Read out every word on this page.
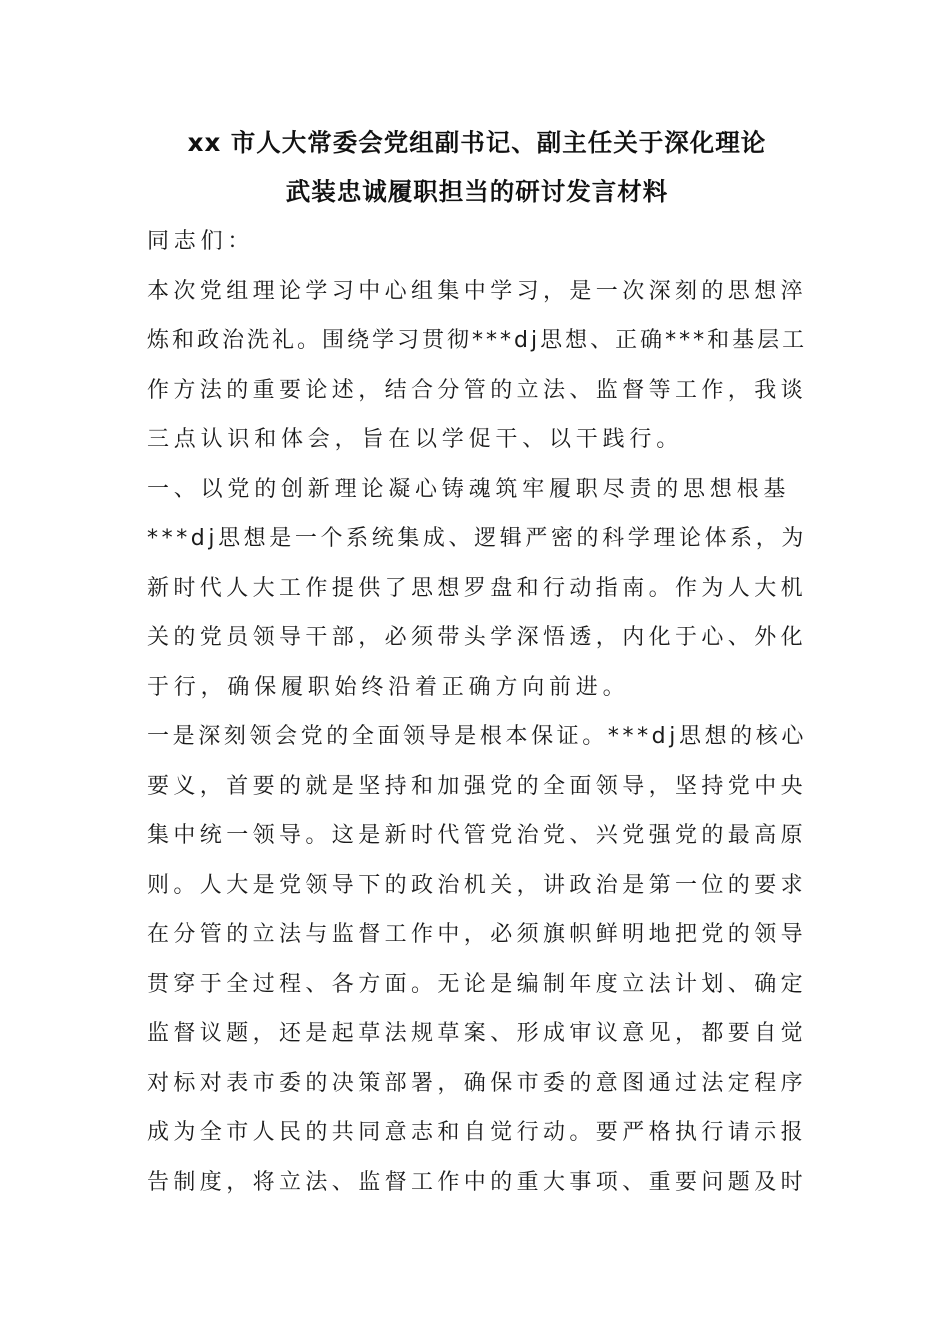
xx 市人大常委会党组副书记、副主任关于深化理论
武装忠诚履职担当的研讨发言材料

同志们：

本次党组理论学习中心组集中学习，是一次深刻的思想淬
炼和政治洗礼。围绕学习贯彻***dj思想、正确***和基层工
作方法的重要论述，结合分管的立法、监督等工作，我谈
三点认识和体会，旨在以学促干、以干践行。

一、以党的创新理论凝心铸魂筑牢履职尽责的思想根基

***dj思想是一个系统集成、逻辑严密的科学理论体系，为
新时代人大工作提供了思想罗盘和行动指南。作为人大机
关的党员领导干部，必须带头学深悟透，内化于心、外化
于行，确保履职始终沿着正确方向前进。

一是深刻领会党的全面领导是根本保证。***dj思想的核心
要义，首要的就是坚持和加强党的全面领导，坚持党中央
集中统一领导。这是新时代管党治党、兴党强党的最高原
则。人大是党领导下的政治机关，讲政治是第一位的要求
在分管的立法与监督工作中，必须旗帜鲜明地把党的领导
贯穿于全过程、各方面。无论是编制年度立法计划、确定
监督议题，还是起草法规草案、形成审议意见，都要自觉
对标对表市委的决策部署，确保市委的意图通过法定程序
成为全市人民的共同意志和自觉行动。要严格执行请示报
告制度，将立法、监督工作中的重大事项、重要问题及时
